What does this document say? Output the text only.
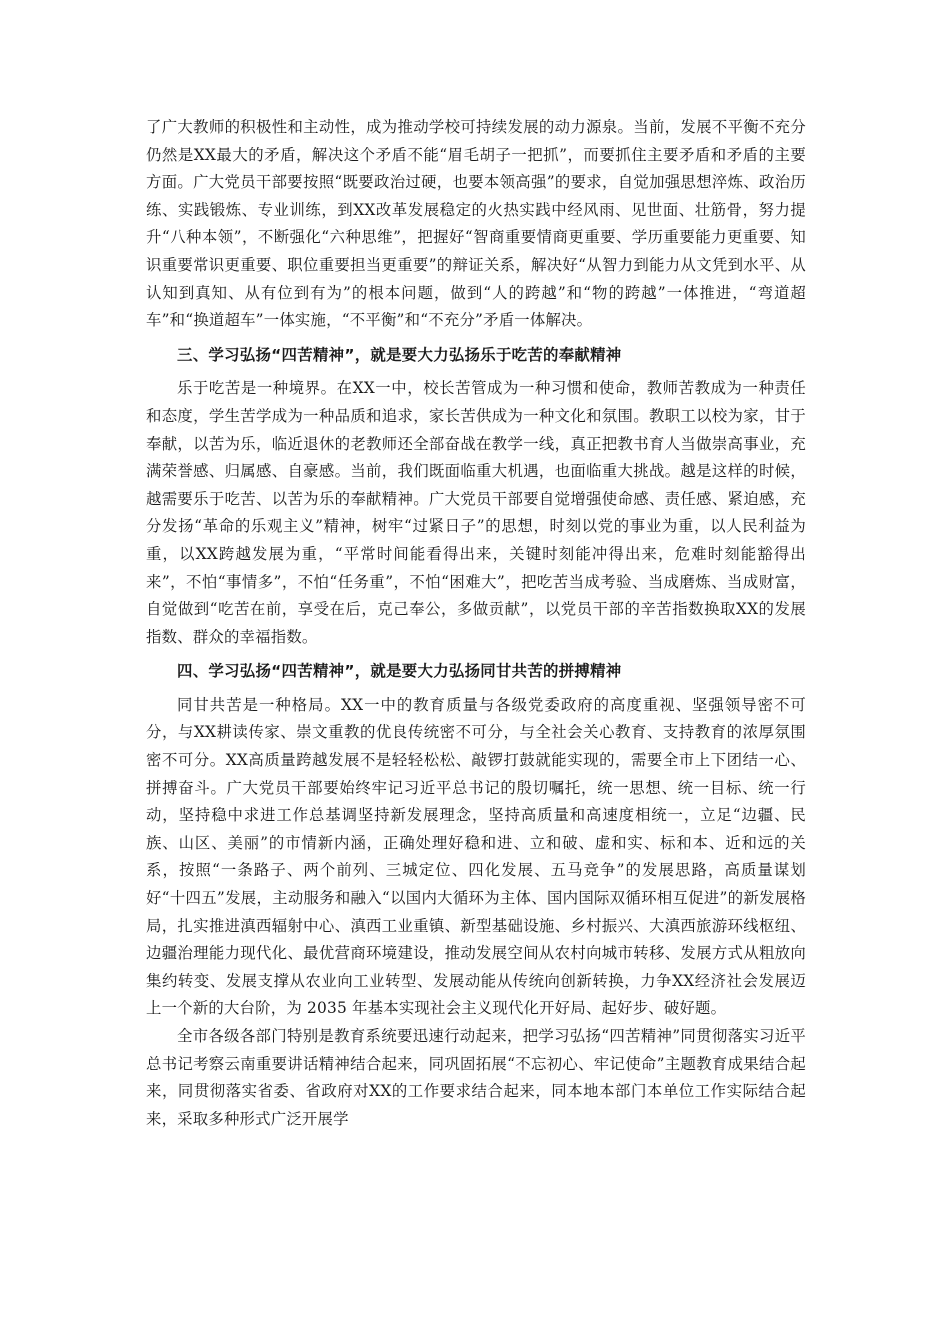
了广大教师的积极性和主动性，成为推动学校可持续发展的动力源泉。当前，发展不平衡不充分仍然是XX最大的矛盾，解决这个矛盾不能“眉毛胡子一把抓”，而要抓住主要矛盾和矛盾的主要方面。广大党员干部要按照“既要政治过硬，也要本领高强”的要求，自觉加强思想淬炼、政治历练、实践锻炼、专业训练，到XX改革发展稳定的火热实践中经风雨、见世面、壮筋骨，努力提升“八种本领”，不断强化“六种思维”，把握好“智商重要情商更重要、学历重要能力更重要、知识重要常识更重要、职位重要担当更重要”的辩证关系，解决好“从智力到能力从文凭到水平、从认知到真知、从有位到有为”的根本问题，做到“人的跨越”和“物的跨越”一体推进，“弯道超车”和“换道超车”一体实施，“不平衡”和“不充分”矛盾一体解决。

三、学习弘扬“四苦精神”，就是要大力弘扬乐于吃苦的奉献精神

乐于吃苦是一种境界。在XX一中，校长苦管成为一种习惯和使命，教师苦教成为一种责任和态度，学生苦学成为一种品质和追求，家长苦供成为一种文化和氛围。教职工以校为家，甘于奉献，以苦为乐，临近退休的老教师还全部奋战在教学一线，真正把教书育人当做崇高事业，充满荣誉感、归属感、自豪感。当前，我们既面临重大机遇，也面临重大挑战。越是这样的时候，越需要乐于吃苦、以苦为乐的奉献精神。广大党员干部要自觉增强使命感、责任感、紧迫感，充分发扬“革命的乐观主义”精神，树牢“过紧日子”的思想，时刻以党的事业为重，以人民利益为重，以XX跨越发展为重，“平常时间能看得出来，关键时刻能冲得出来，危难时刻能豁得出来”，不怕“事情多”，不怕“任务重”，不怕“困难大”，把吃苦当成考验、当成磨炼、当成财富，自觉做到“吃苦在前，享受在后，克己奉公，多做贡献”，以党员干部的辛苦指数换取XX的发展指数、群众的幸福指数。

四、学习弘扬“四苦精神”，就是要大力弘扬同甘共苦的拼搏精神

同甘共苦是一种格局。XX一中的教育质量与各级党委政府的高度重视、坚强领导密不可分，与XX耕读传家、崇文重教的优良传统密不可分，与全社会关心教育、支持教育的浓厚氛围密不可分。XX高质量跨越发展不是轻轻松松、敲锣打鼓就能实现的，需要全市上下团结一心、拼搏奋斗。广大党员干部要始终牢记习近平总书记的殷切嘱托，统一思想、统一目标、统一行动，坚持稳中求进工作总基调坚持新发展理念，坚持高质量和高速度相统一，立足“边疆、民族、山区、美丽”的市情新内涵，正确处理好稳和进、立和破、虚和实、标和本、近和远的关系，按照“一条路子、两个前列、三城定位、四化发展、五马竞争”的发展思路，高质量谋划好“十四五”发展，主动服务和融入“以国内大循环为主体、国内国际双循环相互促进”的新发展格局，扎实推进滇西辐射中心、滇西工业重镇、新型基础设施、乡村振兴、大滇西旅游环线枢纽、边疆治理能力现代化、最优营商环境建设，推动发展空间从农村向城市转移、发展方式从粗放向集约转变、发展支撑从农业向工业转型、发展动能从传统向创新转换，力争XX经济社会发展迈上一个新的大台阶，为 2035 年基本实现社会主义现代化开好局、起好步、破好题。

全市各级各部门特别是教育系统要迅速行动起来，把学习弘扬“四苦精神”同贯彻落实习近平总书记考察云南重要讲话精神结合起来，同巩固拓展“不忘初心、牢记使命”主题教育成果结合起来，同贯彻落实省委、省政府对XX的工作要求结合起来，同本地本部门本单位工作实际结合起来，采取多种形式广泛开展学
